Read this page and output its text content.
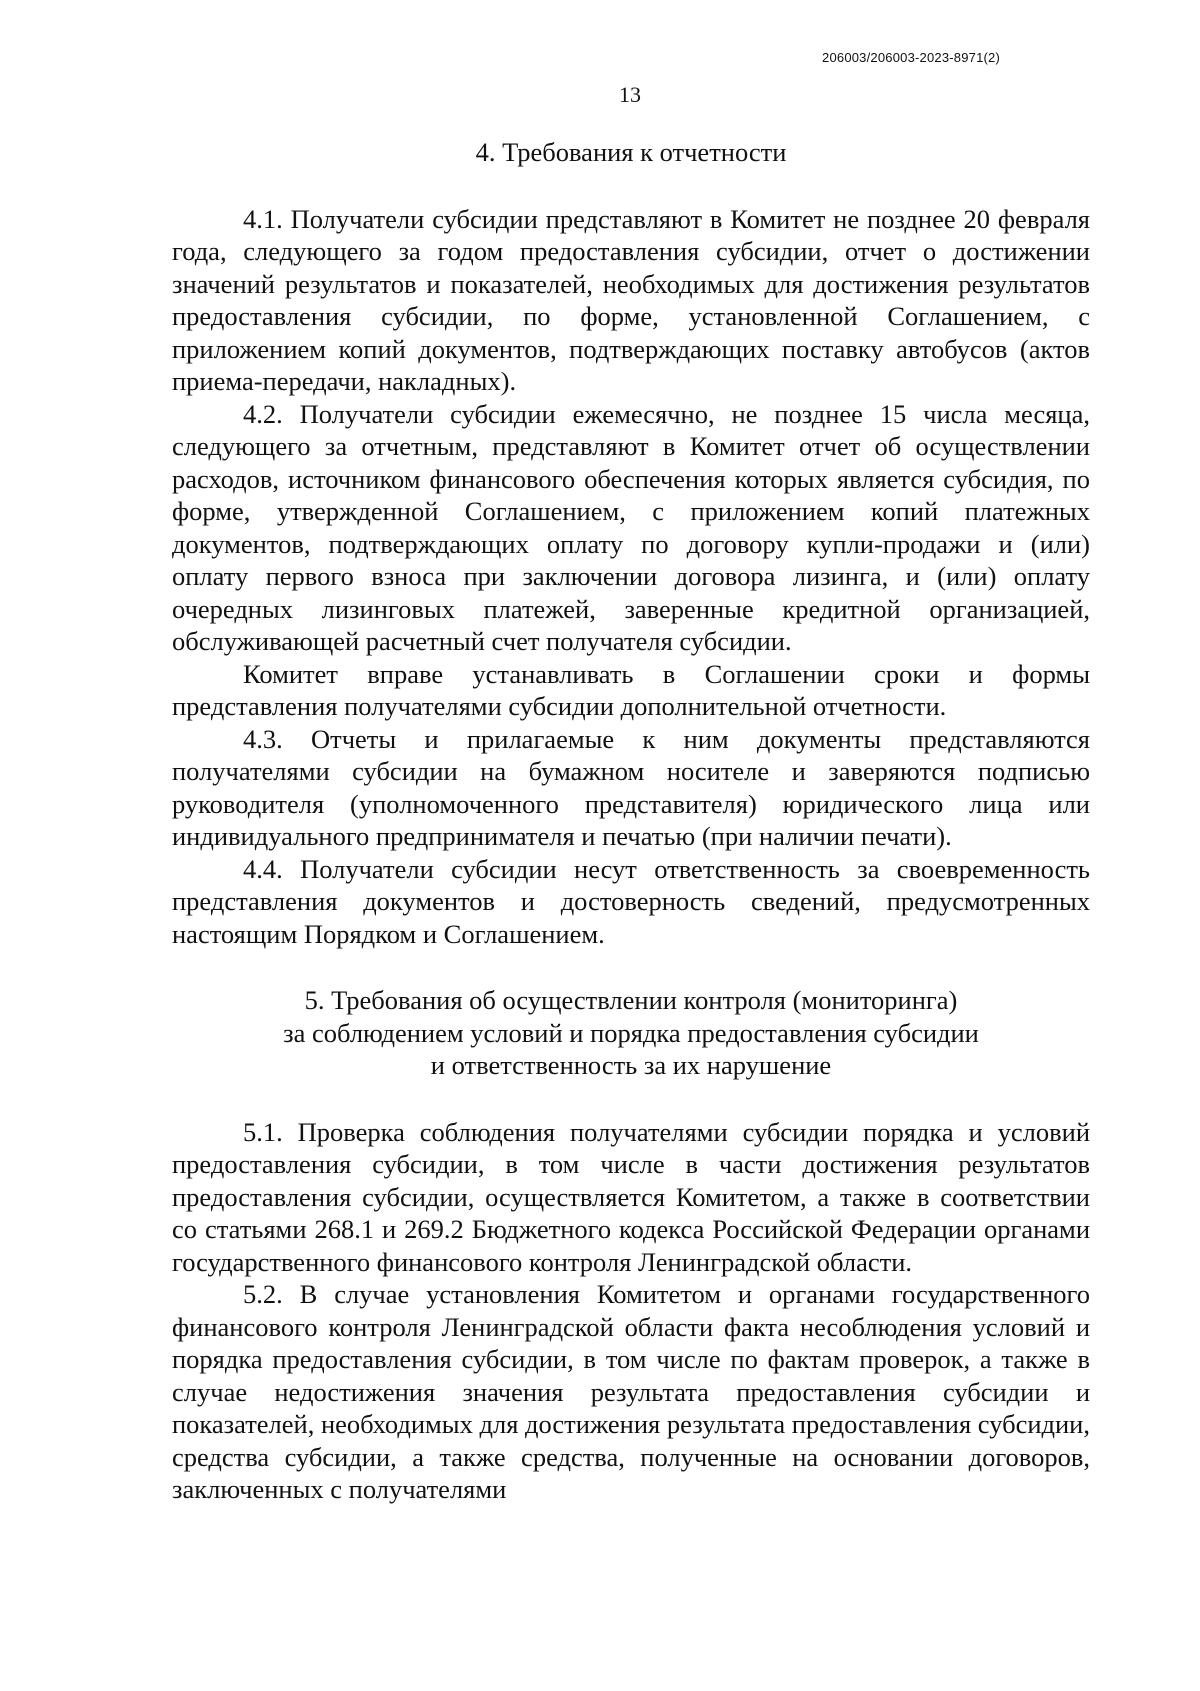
206003/206003-2023-8971(2)
13
4. Требования к отчетности

4.1. Получатели субсидии представляют в Комитет не позднее 20 февраля года, следующего за годом предоставления субсидии, отчет о достижении значений результатов и показателей, необходимых для достижения результатов предоставления субсидии, по форме, установленной Соглашением, с приложением копий документов, подтверждающих поставку автобусов (актов приема-передачи, накладных).

4.2. Получатели субсидии ежемесячно, не позднее 15 числа месяца, следующего за отчетным, представляют в Комитет отчет об осуществлении расходов, источником финансового обеспечения которых является субсидия, по форме, утвержденной Соглашением, с приложением копий платежных документов, подтверждающих оплату по договору купли-продажи и (или) оплату первого взноса при заключении договора лизинга, и (или) оплату очередных лизинговых платежей, заверенные кредитной организацией, обслуживающей расчетный счет получателя субсидии.

Комитет вправе устанавливать в Соглашении сроки и формы представления получателями субсидии дополнительной отчетности.

4.3. Отчеты и прилагаемые к ним документы представляются получателями субсидии на бумажном носителе и заверяются подписью руководителя (уполномоченного представителя) юридического лица или индивидуального предпринимателя и печатью (при наличии печати).

4.4. Получатели субсидии несут ответственность за своевременность представления документов и достоверность сведений, предусмотренных настоящим Порядком и Соглашением.

5. Требования об осуществлении контроля (мониторинга)
за соблюдением условий и порядка предоставления субсидии
и ответственность за их нарушение

5.1. Проверка соблюдения получателями субсидии порядка и условий предоставления субсидии, в том числе в части достижения результатов предоставления субсидии, осуществляется Комитетом, а также в соответствии со статьями 268.1 и 269.2 Бюджетного кодекса Российской Федерации органами государственного финансового контроля Ленинградской области.

5.2. В случае установления Комитетом и органами государственного финансового контроля Ленинградской области факта несоблюдения условий и порядка предоставления субсидии, в том числе по фактам проверок, а также в случае недостижения значения результата предоставления субсидии и показателей, необходимых для достижения результата предоставления субсидии, средства субсидии, а также средства, полученные на основании договоров, заключенных с получателями
